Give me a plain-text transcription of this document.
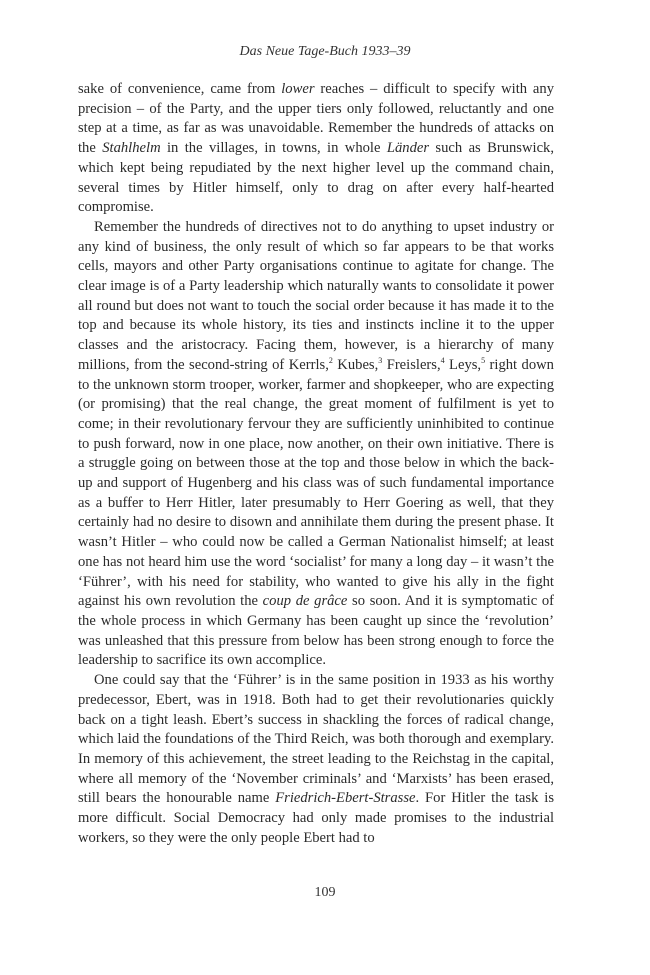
Das Neue Tage-Buch 1933–39

sake of convenience, came from lower reaches – difficult to specify with any precision – of the Party, and the upper tiers only followed, reluctantly and one step at a time, as far as was unavoidable. Remember the hundreds of attacks on the Stahlhelm in the villages, in towns, in whole Länder such as Brunswick, which kept being repudiated by the next higher level up the command chain, several times by Hitler himself, only to drag on after every half-hearted compromise.

Remember the hundreds of directives not to do anything to upset industry or any kind of business, the only result of which so far appears to be that works cells, mayors and other Party organisations continue to agitate for change. The clear image is of a Party leadership which naturally wants to consolidate it power all round but does not want to touch the social order because it has made it to the top and because its whole history, its ties and instincts incline it to the upper classes and the aristocracy. Facing them, however, is a hierarchy of many millions, from the second-string of Kerrls,$^2$ Kubes,$^3$ Freislers,$^4$ Leys,$^5$ right down to the unknown storm trooper, worker, farmer and shopkeeper, who are expecting (or promising) that the real change, the great moment of fulfilment is yet to come; in their revolutionary fervour they are sufficiently uninhibited to continue to push forward, now in one place, now another, on their own initiative. There is a struggle going on between those at the top and those below in which the back-up and support of Hugenberg and his class was of such fundamental importance as a buffer to Herr Hitler, later presumably to Herr Goering as well, that they certainly had no desire to disown and annihilate them during the present phase. It wasn’t Hitler – who could now be called a German Nationalist himself; at least one has not heard him use the word ‘socialist’ for many a long day – it wasn’t the ‘Führer’, with his need for stability, who wanted to give his ally in the fight against his own revolution the coup de grâce so soon. And it is symptomatic of the whole process in which Germany has been caught up since the ‘revolution’ was unleashed that this pressure from below has been strong enough to force the leadership to sacrifice its own accomplice.

One could say that the ‘Führer’ is in the same position in 1933 as his worthy predecessor, Ebert, was in 1918. Both had to get their revolutionaries quickly back on a tight leash. Ebert’s success in shackling the forces of radical change, which laid the foundations of the Third Reich, was both thorough and exemplary. In memory of this achievement, the street leading to the Reichstag in the capital, where all memory of the ‘November criminals’ and ‘Marxists’ has been erased, still bears the honourable name Friedrich-Ebert-Strasse. For Hitler the task is more difficult. Social Democracy had only made promises to the industrial workers, so they were the only people Ebert had to

109
